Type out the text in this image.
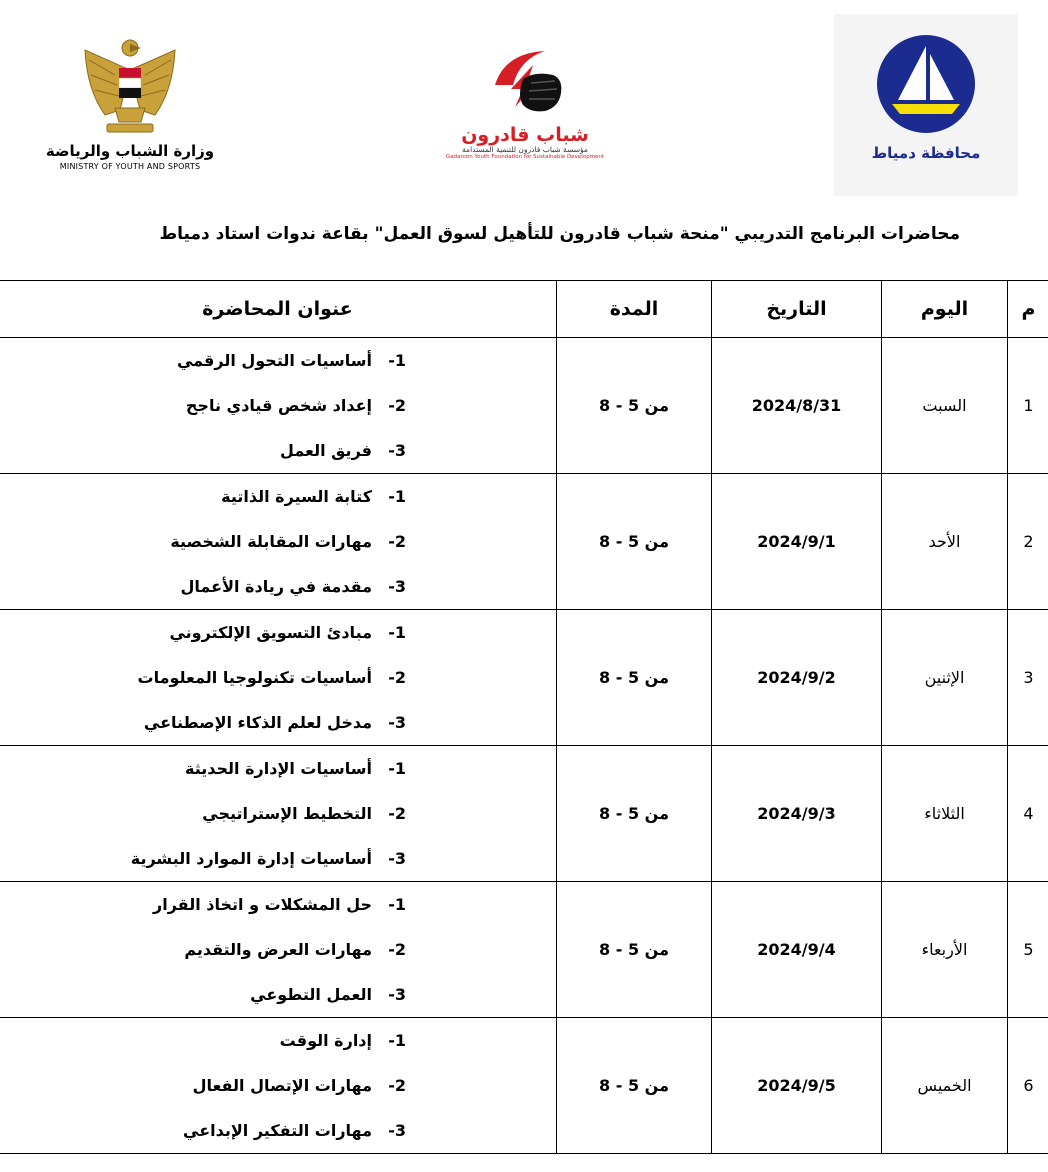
وزارة الشباب والرياضة
MINISTRY OF YOUTH AND SPORTS
شباب قادرون
مؤسسة شباب قادرون للتنمية المستدامة
Gadaroon Youth Foundation for Sustainable Development	محافظة دمياط
محاضرات البرنامج التدريبي "منحة شباب قادرون للتأهيل لسوق العمل" بقاعة ندوات استاد دمياط
م	اليوم	التاريخ	المدة	عنوان المحاضرة
1	السبت	2024/8/31	من 5 - 8	1-أساسيات التحول الرقمي
2-إعداد شخص قيادي ناجح
3-فريق العمل

2	الأحد	2024/9/1	من 5 - 8	1-كتابة السيرة الذاتية
2-مهارات المقابلة الشخصية
3-مقدمة في ريادة الأعمال

3	الإثنين	2024/9/2	من 5 - 8	1-مبادئ التسويق الإلكتروني
2-أساسيات تكنولوجيا المعلومات
3-مدخل لعلم الذكاء الإصطناعي

4	الثلاثاء	2024/9/3	من 5 - 8	1-أساسيات الإدارة الحديثة
2-التخطيط الإستراتيجي
3-أساسيات إدارة الموارد البشرية

5	الأربعاء	2024/9/4	من 5 - 8	1-حل المشكلات و اتخاذ القرار
2-مهارات العرض والتقديم
3-العمل التطوعي

6	الخميس	2024/9/5	من 5 - 8	1-إدارة الوقت
2-مهارات الإتصال الفعال
3-مهارات التفكير الإبداعي
